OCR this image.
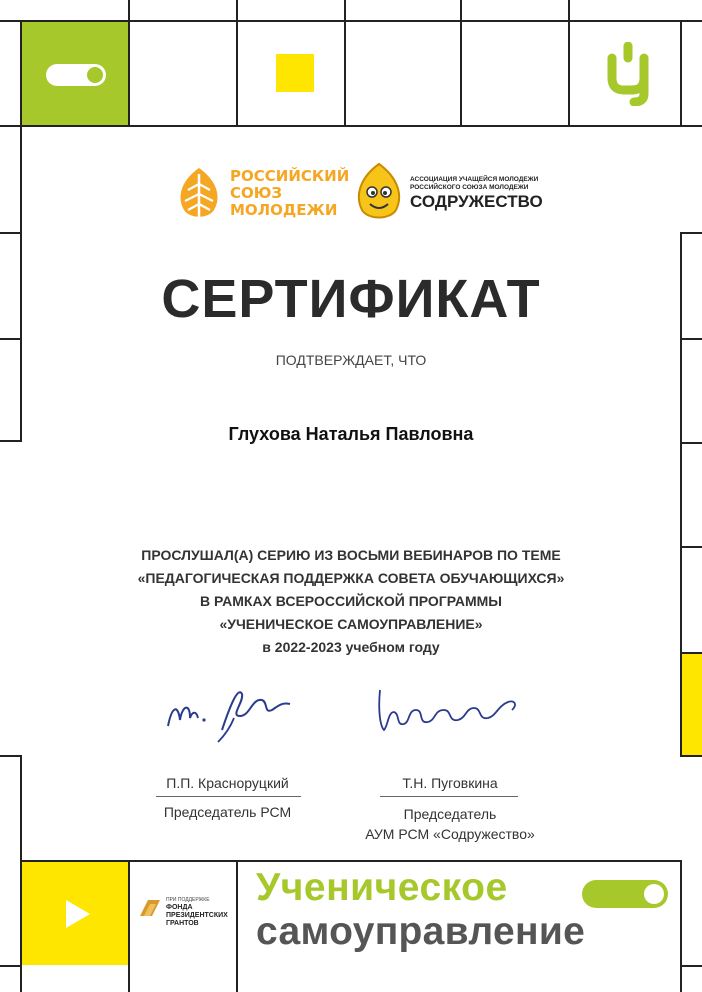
РОССИЙСКИЙ
СОЮЗ
МОЛОДЕЖИ
АССОЦИАЦИЯ УЧАЩЕЙСЯ МОЛОДЕЖИ
РОССИЙСКОГО СОЮЗА МОЛОДЕЖИ
СОДРУЖЕСТВО
СЕРТИФИКАТ
ПОДТВЕРЖДАЕТ, ЧТО
Глухова Наталья Павловна
ПРОСЛУШАЛ(А) СЕРИЮ ИЗ ВОСЬМИ ВЕБИНАРОВ ПО ТЕМЕ
«ПЕДАГОГИЧЕСКАЯ ПОДДЕРЖКА СОВЕТА ОБУЧАЮЩИХСЯ»
В РАМКАХ ВСЕРОССИЙСКОЙ ПРОГРАММЫ
«УЧЕНИЧЕСКОЕ САМОУПРАВЛЕНИЕ»
в 2022-2023 учебном году
П.П. Красноруцкий
Председатель РСМ
Т.Н. Пуговкина
Председатель
АУМ РСМ «Содружество»
ПРИ ПОДДЕРЖКЕ
ФОНДА
ПРЕЗИДЕНТСКИХ
ГРАНТОВ
Ученическое
самоуправление
